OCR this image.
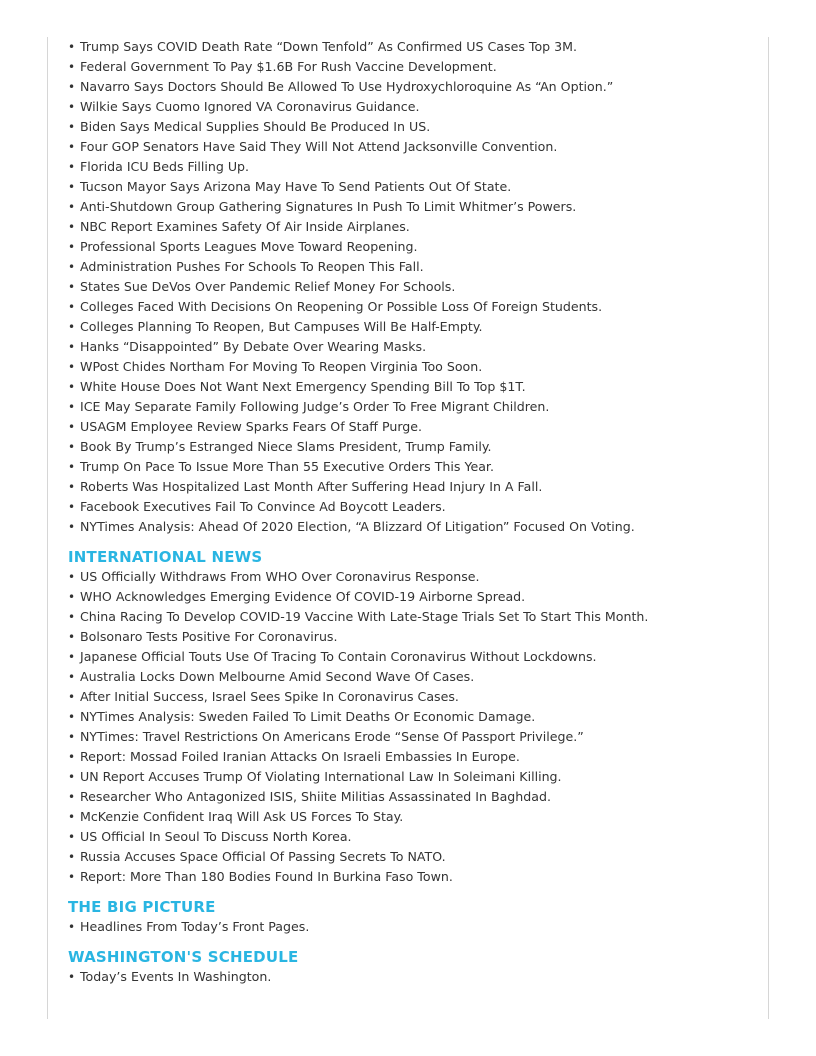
• Trump Says COVID Death Rate “Down Tenfold” As Confirmed US Cases Top 3M.
• Federal Government To Pay $1.6B For Rush Vaccine Development.
• Navarro Says Doctors Should Be Allowed To Use Hydroxychloroquine As “An Option.”
• Wilkie Says Cuomo Ignored VA Coronavirus Guidance.
• Biden Says Medical Supplies Should Be Produced In US.
• Four GOP Senators Have Said They Will Not Attend Jacksonville Convention.
• Florida ICU Beds Filling Up.
• Tucson Mayor Says Arizona May Have To Send Patients Out Of State.
• Anti-Shutdown Group Gathering Signatures In Push To Limit Whitmer’s Powers.
• NBC Report Examines Safety Of Air Inside Airplanes.
• Professional Sports Leagues Move Toward Reopening.
• Administration Pushes For Schools To Reopen This Fall.
• States Sue DeVos Over Pandemic Relief Money For Schools.
• Colleges Faced With Decisions On Reopening Or Possible Loss Of Foreign Students.
• Colleges Planning To Reopen, But Campuses Will Be Half-Empty.
• Hanks “Disappointed” By Debate Over Wearing Masks.
• WPost Chides Northam For Moving To Reopen Virginia Too Soon.
• White House Does Not Want Next Emergency Spending Bill To Top $1T.
• ICE May Separate Family Following Judge’s Order To Free Migrant Children.
• USAGM Employee Review Sparks Fears Of Staff Purge.
• Book By Trump’s Estranged Niece Slams President, Trump Family.
• Trump On Pace To Issue More Than 55 Executive Orders This Year.
• Roberts Was Hospitalized Last Month After Suffering Head Injury In A Fall.
• Facebook Executives Fail To Convince Ad Boycott Leaders.
• NYTimes Analysis: Ahead Of 2020 Election, “A Blizzard Of Litigation” Focused On Voting.
INTERNATIONAL NEWS
• US Officially Withdraws From WHO Over Coronavirus Response.
• WHO Acknowledges Emerging Evidence Of COVID-19 Airborne Spread.
• China Racing To Develop COVID-19 Vaccine With Late-Stage Trials Set To Start This Month.
• Bolsonaro Tests Positive For Coronavirus.
• Japanese Official Touts Use Of Tracing To Contain Coronavirus Without Lockdowns.
• Australia Locks Down Melbourne Amid Second Wave Of Cases.
• After Initial Success, Israel Sees Spike In Coronavirus Cases.
• NYTimes Analysis: Sweden Failed To Limit Deaths Or Economic Damage.
• NYTimes: Travel Restrictions On Americans Erode “Sense Of Passport Privilege.”
• Report: Mossad Foiled Iranian Attacks On Israeli Embassies In Europe.
• UN Report Accuses Trump Of Violating International Law In Soleimani Killing.
• Researcher Who Antagonized ISIS, Shiite Militias Assassinated In Baghdad.
• McKenzie Confident Iraq Will Ask US Forces To Stay.
• US Official In Seoul To Discuss North Korea.
• Russia Accuses Space Official Of Passing Secrets To NATO.
• Report: More Than 180 Bodies Found In Burkina Faso Town.
THE BIG PICTURE
• Headlines From Today’s Front Pages.
WASHINGTON'S SCHEDULE
• Today’s Events In Washington.
